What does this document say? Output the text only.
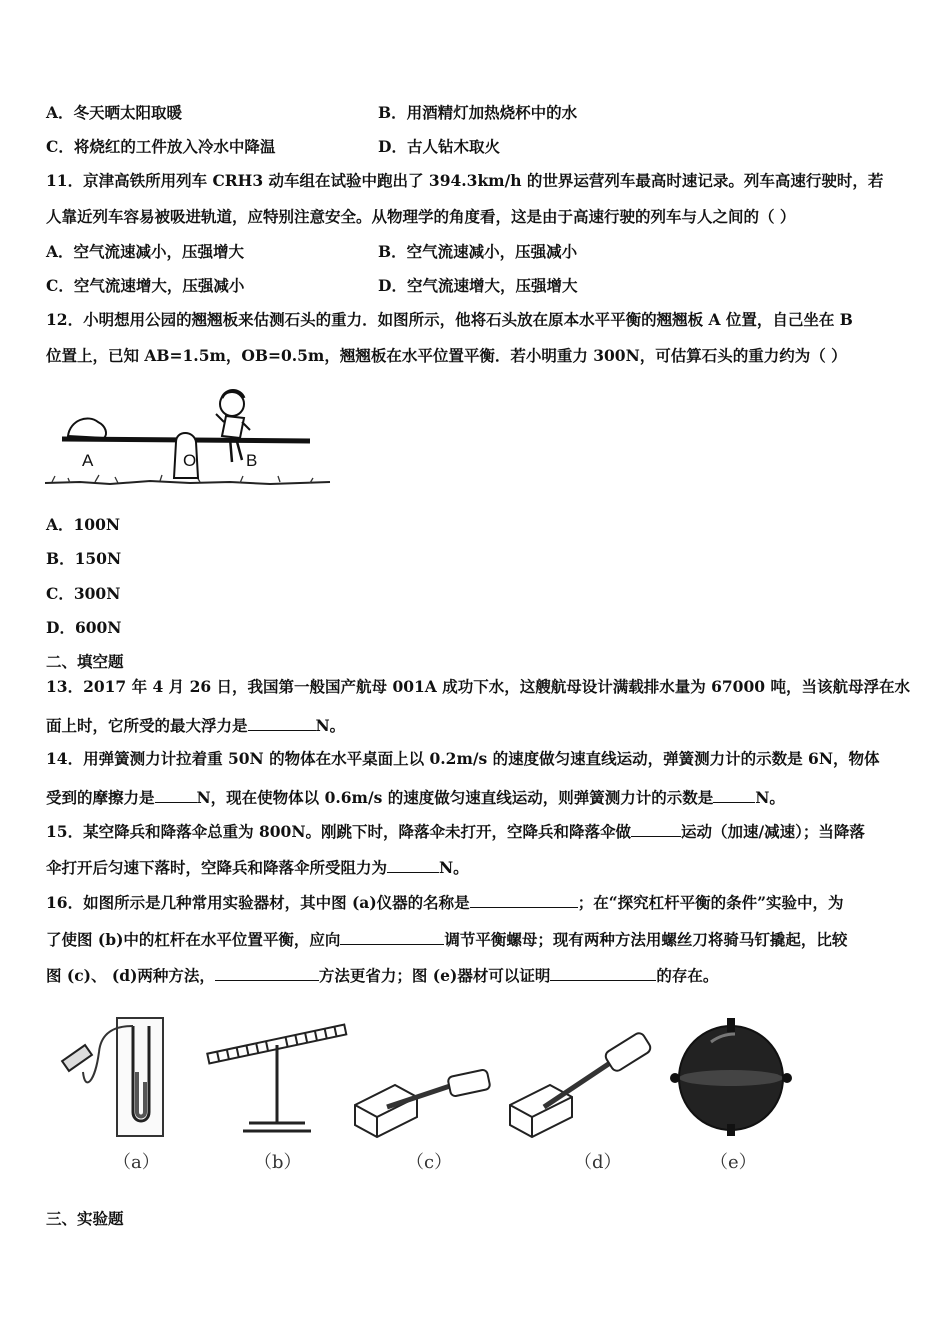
A．冬天晒太阳取暖	B．用酒精灯加热烧杯中的水
C．将烧红的工件放入冷水中降温	D．古人钻木取火
11．京津高铁所用列车 CRH3 动车组在试验中跑出了 394.3km/h 的世界运营列车最高时速记录。列车高速行驶时，若
人靠近列车容易被吸进轨道，应特别注意安全。从物理学的角度看，这是由于高速行驶的列车与人之间的（ ）
A．空气流速减小，压强增大	B．空气流速减小，压强减小
C．空气流速增大，压强减小	D．空气流速增大，压强增大
12．小明想用公园的翘翘板来估测石头的重力．如图所示，他将石头放在原本水平平衡的翘翘板 A 位置，自己坐在 B
位置上，已知 AB=1.5m，OB=0.5m，翘翘板在水平位置平衡．若小明重力 300N，可估算石头的重力约为（ ）
A	O	B
A．100N
B．150N
C．300N
D．600N
二、填空题
13．2017 年 4 月 26 日，我国第一般国产航母 001A 成功下水，这艘航母设计满载排水量为 67000 吨，当该航母浮在水
面上时，它所受的最大浮力是	N。
14．用弹簧测力计拉着重 50N 的物体在水平桌面上以 0.2m/s 的速度做匀速直线运动，弹簧测力计的示数是 6N，物体
受到的摩擦力是	N，现在使物体以 0.6m/s 的速度做匀速直线运动，则弹簧测力计的示数是	N。
15．某空降兵和降落伞总重为 800N。刚跳下时，降落伞未打开，空降兵和降落伞做	运动（加速/减速）；当降落
伞打开后匀速下落时，空降兵和降落伞所受阻力为	N。
16．如图所示是几种常用实验器材，其中图 (a)仪器的名称是	；在“探究杠杆平衡的条件”实验中，为
了使图 (b)中的杠杆在水平位置平衡，应向	调节平衡螺母；现有两种方法用螺丝刀将骑马钉撬起，比较
图 (c)、 (d)两种方法，	方法更省力；图 (e)器材可以证明	的存在。
（a）	（b）	（c）	（d）	（e）
三、实验题
